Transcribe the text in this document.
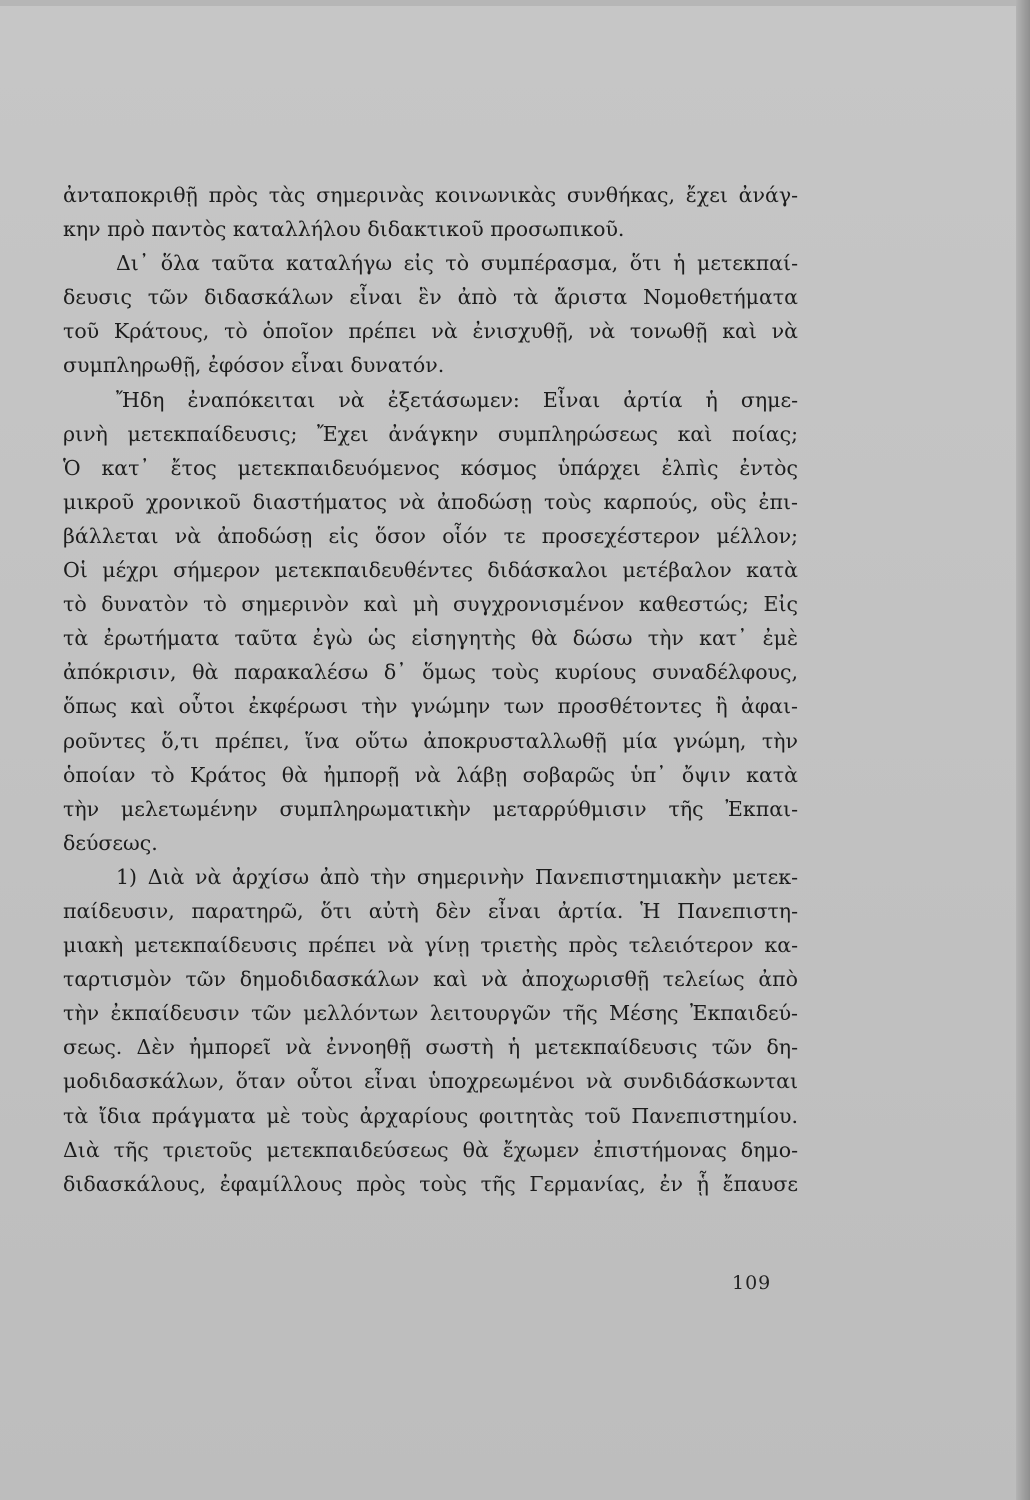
ἀνταποκριθῇ πρὸς τὰς σημερινὰς κοινωνικὰς συνθήκας, ἔχει ἀνάγ-
κην πρὸ παντὸς καταλλήλου διδακτικοῦ προσωπικοῦ.
Δι᾿ ὅλα ταῦτα καταλήγω εἰς τὸ συμπέρασμα, ὅτι ἡ μετεκπαί-
δευσις τῶν διδασκάλων εἶναι ἓν ἀπὸ τὰ ἄριστα Νομοθετήματα
τοῦ Κράτους, τὸ ὁποῖον πρέπει νὰ ἐνισχυθῇ, νὰ τονωθῇ καὶ νὰ
συμπληρωθῇ, ἐφόσον εἶναι δυνατόν.
Ἤδη ἐναπόκειται νὰ ἐξετάσωμεν: Εἶναι ἀρτία ἡ σημε-
ρινὴ μετεκπαίδευσις; Ἔχει ἀνάγκην συμπληρώσεως καὶ ποίας;
Ὁ κατ᾿ ἔτος μετεκπαιδευόμενος κόσμος ὑπάρχει ἐλπὶς ἐντὸς
μικροῦ χρονικοῦ διαστήματος νὰ ἀποδώσῃ τοὺς καρπούς, οὓς ἐπι-
βάλλεται νὰ ἀποδώσῃ εἰς ὅσον οἷόν τε προσεχέστερον μέλλον;
Οἱ μέχρι σήμερον μετεκπαιδευθέντες διδάσκαλοι μετέβαλον κατὰ
τὸ δυνατὸν τὸ σημερινὸν καὶ μὴ συγχρονισμένον καθεστώς; Εἰς
τὰ ἐρωτήματα ταῦτα ἐγὼ ὡς εἰσηγητὴς θὰ δώσω τὴν κατ᾿ ἐμὲ
ἀπόκρισιν, θὰ παρακαλέσω δ᾿ ὅμως τοὺς κυρίους συναδέλφους,
ὅπως καὶ οὗτοι ἐκφέρωσι τὴν γνώμην των προσθέτοντες ἢ ἀφαι-
ροῦντες ὅ,τι πρέπει, ἵνα οὕτω ἀποκρυσταλλωθῇ μία γνώμη, τὴν
ὁποίαν τὸ Κράτος θὰ ἠμπορῇ νὰ λάβῃ σοβαρῶς ὑπ᾿ ὄψιν κατὰ
τὴν μελετωμένην συμπληρωματικὴν μεταρρύθμισιν τῆς Ἐκπαι-
δεύσεως.
1) Διὰ νὰ ἀρχίσω ἀπὸ τὴν σημερινὴν Πανεπιστημιακὴν μετεκ-
παίδευσιν, παρατηρῶ, ὅτι αὐτὴ δὲν εἶναι ἀρτία. Ἡ Πανεπιστη-
μιακὴ μετεκπαίδευσις πρέπει νὰ γίνῃ τριετὴς πρὸς τελειότερον κα-
ταρτισμὸν τῶν δημοδιδασκάλων καὶ νὰ ἀποχωρισθῇ τελείως ἀπὸ
τὴν ἐκπαίδευσιν τῶν μελλόντων λειτουργῶν τῆς Μέσης Ἐκπαιδεύ-
σεως. Δὲν ἠμπορεῖ νὰ ἐννοηθῇ σωστὴ ἡ μετεκπαίδευσις τῶν δη-
μοδιδασκάλων, ὅταν οὗτοι εἶναι ὑποχρεωμένοι νὰ συνδιδάσκωνται
τὰ ἴδια πράγματα μὲ τοὺς ἀρχαρίους φοιτητὰς τοῦ Πανεπιστημίου.
Διὰ τῆς τριετοῦς μετεκπαιδεύσεως θὰ ἔχωμεν ἐπιστήμονας δημο-
διδασκάλους, ἐφαμίλλους πρὸς τοὺς τῆς Γερμανίας, ἐν ᾗ ἔπαυσε
109
